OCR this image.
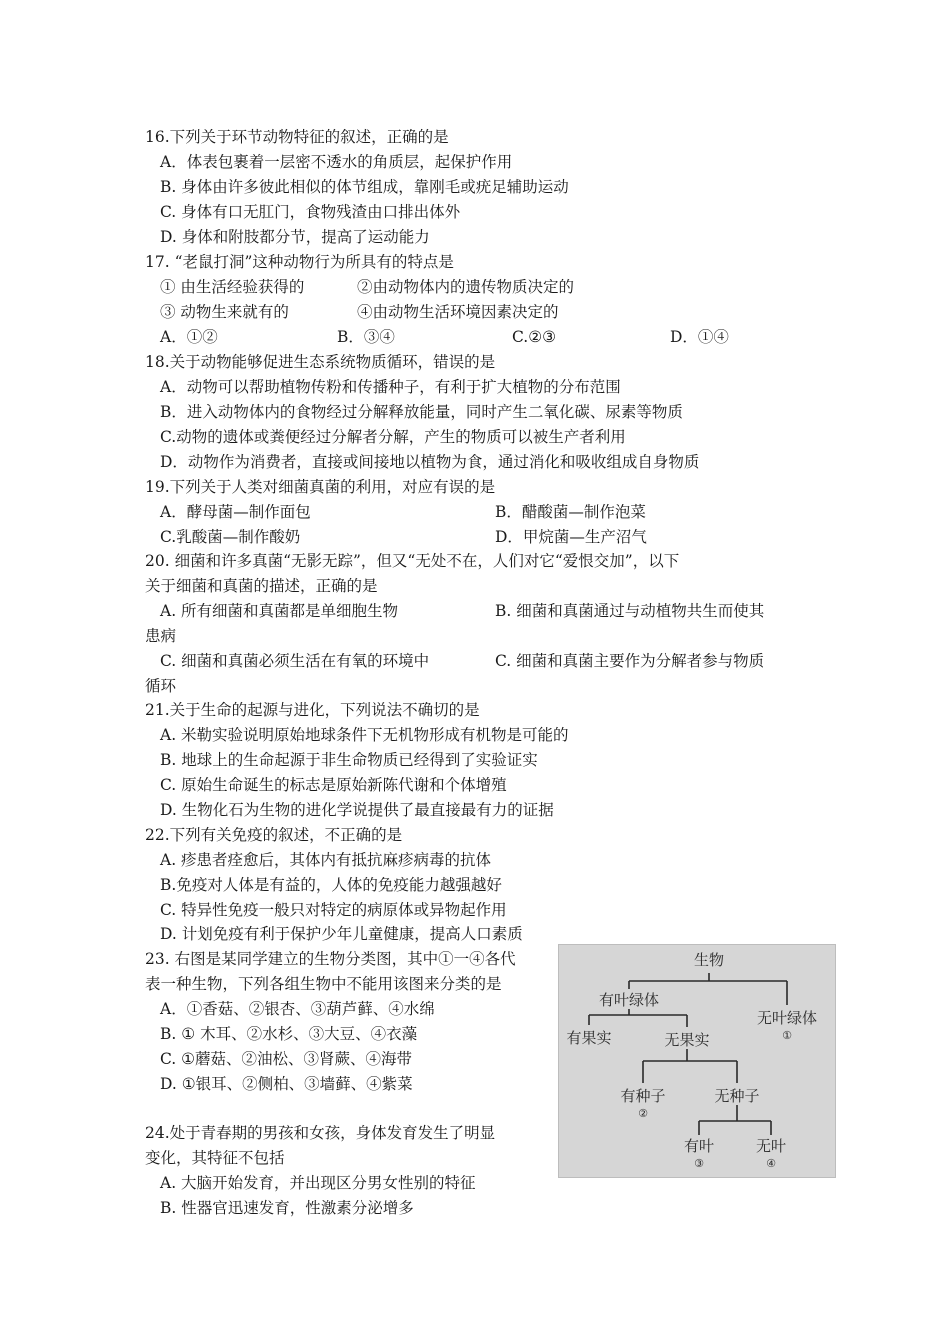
16.下列关于环节动物特征的叙述，正确的是
A．体表包裹着一层密不透水的角质层，起保护作用
B. 身体由许多彼此相似的体节组成，靠刚毛或疣足辅助运动
C. 身体有口无肛门，食物残渣由口排出体外
D. 身体和附肢都分节，提高了运动能力
17. “老鼠打洞”这种动物行为所具有的特点是
① 由生活经验获得的	②由动物体内的遗传物质决定的
③ 动物生来就有的	④由动物生活环境因素决定的
A．①②	B．③④	C.②③	D．①④
18.关于动物能够促进生态系统物质循环，错误的是
A．动物可以帮助植物传粉和传播种子，有利于扩大植物的分布范围
B．进入动物体内的食物经过分解释放能量，同时产生二氧化碳、尿素等物质
C.动物的遗体或粪便经过分解者分解，产生的物质可以被生产者利用
D．动物作为消费者，直接或间接地以植物为食，通过消化和吸收组成自身物质
19.下列关于人类对细菌真菌的利用，对应有误的是
A．酵母菌—制作面包	B．醋酸菌—制作泡菜
C.乳酸菌—制作酸奶	D．甲烷菌—生产沼气
20. 细菌和许多真菌“无影无踪”，但又“无处不在，人们对它“爱恨交加”，以下
关于细菌和真菌的描述，正确的是
A. 所有细菌和真菌都是单细胞生物	B. 细菌和真菌通过与动植物共生而使其
患病
C. 细菌和真菌必须生活在有氧的环境中	C. 细菌和真菌主要作为分解者参与物质
循环
21.关于生命的起源与进化，下列说法不确切的是
A. 米勒实验说明原始地球条件下无机物形成有机物是可能的
B. 地球上的生命起源于非生命物质已经得到了实验证实
C. 原始生命诞生的标志是原始新陈代谢和个体增殖
D. 生物化石为生物的进化学说提供了最直接最有力的证据
22.下列有关免疫的叙述，不正确的是
A. 疹患者痊愈后，其体内有抵抗麻疹病毒的抗体
B.免疫对人体是有益的，人体的免疫能力越强越好
C. 特异性免疫一般只对特定的病原体或异物起作用
D. 计划免疫有利于保护少年儿童健康，提高人口素质
23. 右图是某同学建立的生物分类图，其中①一④各代
表一种生物，下列各组生物中不能用该图来分类的是
A．①香菇、②银杏、③葫芦藓、④水绵
B. ① 木耳、②水杉、③大豆、④衣藻
C. ①蘑菇、②油松、③肾蕨、④海带
D. ①银耳、②侧柏、③墙藓、④紫菜
生物
有叶绿体
无叶绿体
①
有果实	无果实
有种子
②
无种子
有叶
③
无叶
④
24.处于青春期的男孩和女孩，身体发育发生了明显
变化，其特征不包括
A. 大脑开始发育，并出现区分男女性别的特征
B. 性器官迅速发育，性激素分泌增多
